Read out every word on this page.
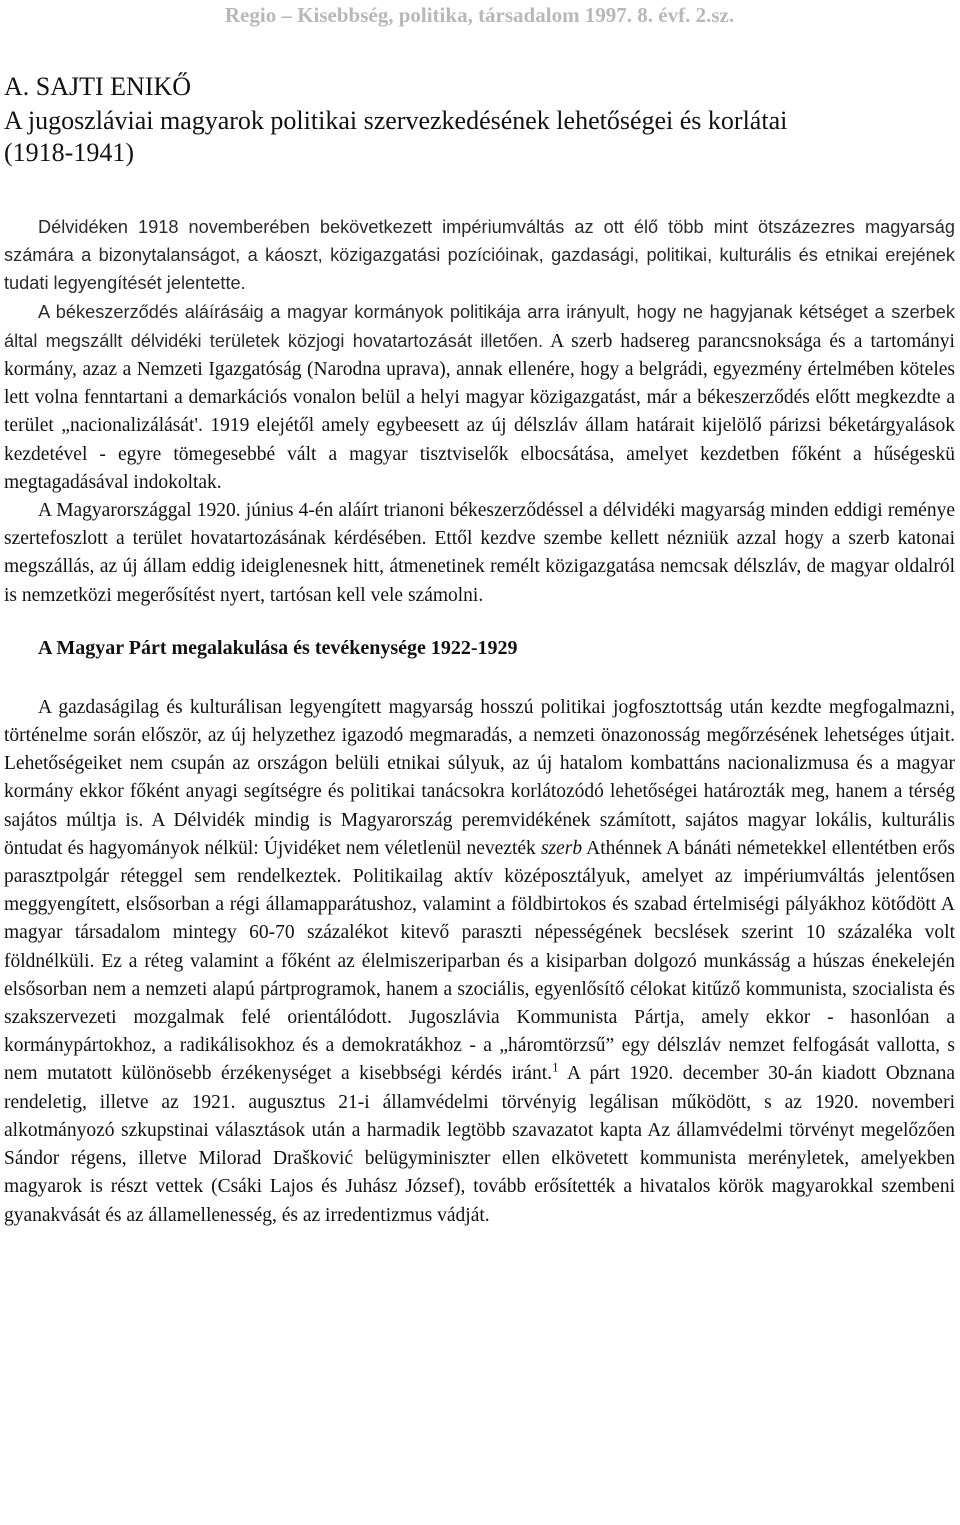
Regio – Kisebbség, politika, társadalom 1997. 8. évf. 2.sz.
A. SAJTI ENIKŐ
A jugoszláviai magyarok politikai szervezkedésének lehetőségei és korlátai
(1918-1941)

Délvidéken 1918 novemberében bekövetkezett impériumváltás az ott élő több mint ötszázezres magyarság számára a bizonytalanságot, a káoszt, közigazgatási pozícióinak, gazdasági, politikai, kulturális és etnikai erejének tudati legyengítését jelentette.

A békeszerződés aláírásáig a magyar kormányok politikája arra irányult, hogy ne hagyjanak kétséget a szerbek által megszállt délvidéki területek közjogi hovatartozását illetően. A szerb hadsereg parancsnoksága és a tartományi kormány, azaz a Nemzeti Igazgatóság (Narodna uprava), annak ellenére, hogy a belgrádi, egyezmény értelmében köteles lett volna fenntartani a demarkációs vonalon belül a helyi magyar közigazgatást, már a békeszerződés előtt megkezdte a terület „nacionalizálását'. 1919 elejétől amely egybeesett az új délszláv állam határait kijelölő párizsi béketárgyalások kezdetével - egyre tömegesebbé vált a magyar tisztviselők elbocsátása, amelyet kezdetben főként a hűségeskü megtagadásával indokoltak.

A Magyarországgal 1920. június 4-én aláírt trianoni békeszerződéssel a délvidéki magyarság minden eddigi reménye szertefoszlott a terület hovatartozásának kérdésében. Ettől kezdve szembe kellett nézniük azzal hogy a szerb katonai megszállás, az új állam eddig ideiglenesnek hitt, átmenetinek remélt közigazgatása nemcsak délszláv, de magyar oldalról is nemzetközi megerősítést nyert, tartósan kell vele számolni.

A Magyar Párt megalakulása és tevékenysége 1922-1929

A gazdaságilag és kulturálisan legyengített magyarság hosszú politikai jogfosztottság után kezdte megfogalmazni, történelme során először, az új helyzethez igazodó megmaradás, a nemzeti önazonosság megőrzésének lehetséges útjait. Lehetőségeiket nem csupán az országon belüli etnikai súlyuk, az új hatalom kombattáns nacionalizmusa és a magyar kormány ekkor főként anyagi segítségre és politikai tanácsokra korlátozódó lehetőségei határozták meg, hanem a térség sajátos múltja is. A Délvidék mindig is Magyarország peremvidékének számított, sajátos magyar lokális, kulturális öntudat és hagyományok nélkül: Újvidéket nem véletlenül nevezték szerb Athénnek A bánáti németekkel ellentétben erős parasztpolgár réteggel sem rendelkeztek. Politikailag aktív középosztályuk, amelyet az impériumváltás jelentősen meggyengített, elsősorban a régi államapparátushoz, valamint a földbirtokos és szabad értelmiségi pályákhoz kötődött A magyar társadalom mintegy 60-70 százalékot kitevő paraszti népességének becslések szerint 10 százaléka volt földnélküli. Ez a réteg valamint a főként az élelmiszeriparban és a kisiparban dolgozó munkásság a húszas énekelején elsősorban nem a nemzeti alapú pártprogramok, hanem a szociális, egyenlősítő célokat kitűző kommunista, szocialista és szakszervezeti mozgalmak felé orientálódott. Jugoszlávia Kommunista Pártja, amely ekkor - hasonlóan a kormánypártokhoz, a radikálisokhoz és a demokratákhoz - a „háromtörzsű” egy délszláv nemzet felfogását vallotta, s nem mutatott különösebb érzékenységet a kisebbségi kérdés iránt.$^1$ A párt 1920. december 30-án kiadott Obznana rendeletig, illetve az 1921. augusztus 21-i államvédelmi törvényig legálisan működött, s az 1920. novemberi alkotmányozó szkupstinai választások után a harmadik legtöbb szavazatot kapta Az államvédelmi törvényt megelőzően Sándor régens, illetve Milorad Drašković belügyminiszter ellen elkövetett kommunista merényletek, amelyekben magyarok is részt vettek (Csáki Lajos és Juhász József), tovább erősítették a hivatalos körök magyarokkal szembeni gyanakvását és az államellenesség, és az irredentizmus vádját.
